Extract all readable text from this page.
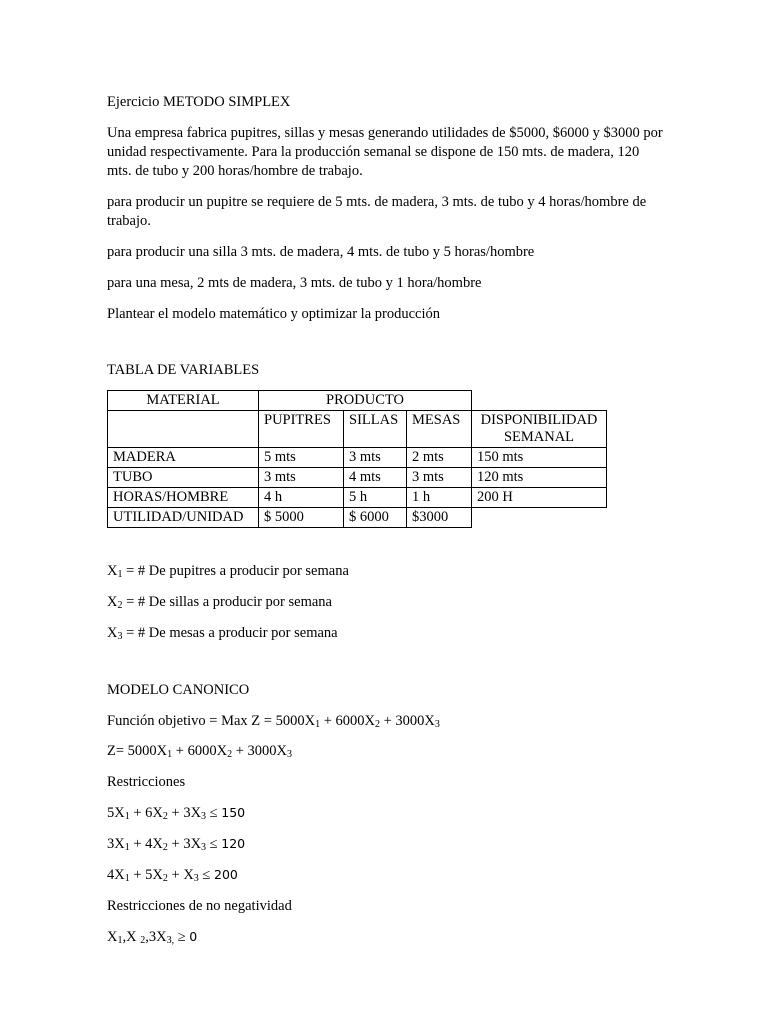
Ejercicio METODO SIMPLEX

Una empresa fabrica pupitres, sillas y mesas generando utilidades de $5000, $6000 y $3000 por unidad respectivamente. Para la producción semanal se dispone de 150 mts. de madera, 120 mts. de tubo y 200 horas/hombre de trabajo.

para producir un pupitre se requiere de 5 mts. de madera, 3 mts. de tubo y 4 horas/hombre de trabajo.

para producir una silla 3 mts. de madera, 4 mts. de tubo y 5 horas/hombre

para una mesa, 2 mts de madera, 3 mts. de tubo y 1 hora/hombre

Plantear el modelo matemático y optimizar la producción

TABLA DE VARIABLES

MATERIAL	PRODUCTO			
	PUPITRES	SILLAS	MESAS	DISPONIBILIDAD
SEMANAL
MADERA	5 mts	3 mts	2 mts	150 mts
TUBO	3 mts	4 mts	3 mts	120 mts
HORAS/HOMBRE	4 h	5 h	1 h	200 H
UTILIDAD/UNIDAD	$ 5000	$ 6000	$3000	

$X_1$ = # De pupitres a producir por semana

$X_2$ = # De sillas a producir por semana

$X_3$ = # De mesas a producir por semana

MODELO CANONICO

Función objetivo = Max $Z = 5000X_1 + 6000X_2 + 3000X_3$

$Z= 5000X_1 + 6000X_2 + 3000X_3$

Restricciones

$5X_1 + 6X_2 + 3X_3 \le 150$

$3X_1 + 4X_2 + 3X_3 \le 120$

$4X_1 + 5X_2 + X_3 \le 200$

Restricciones de no negatividad

$X_1,X$ $_2,3X_{3,} \ge 0$
